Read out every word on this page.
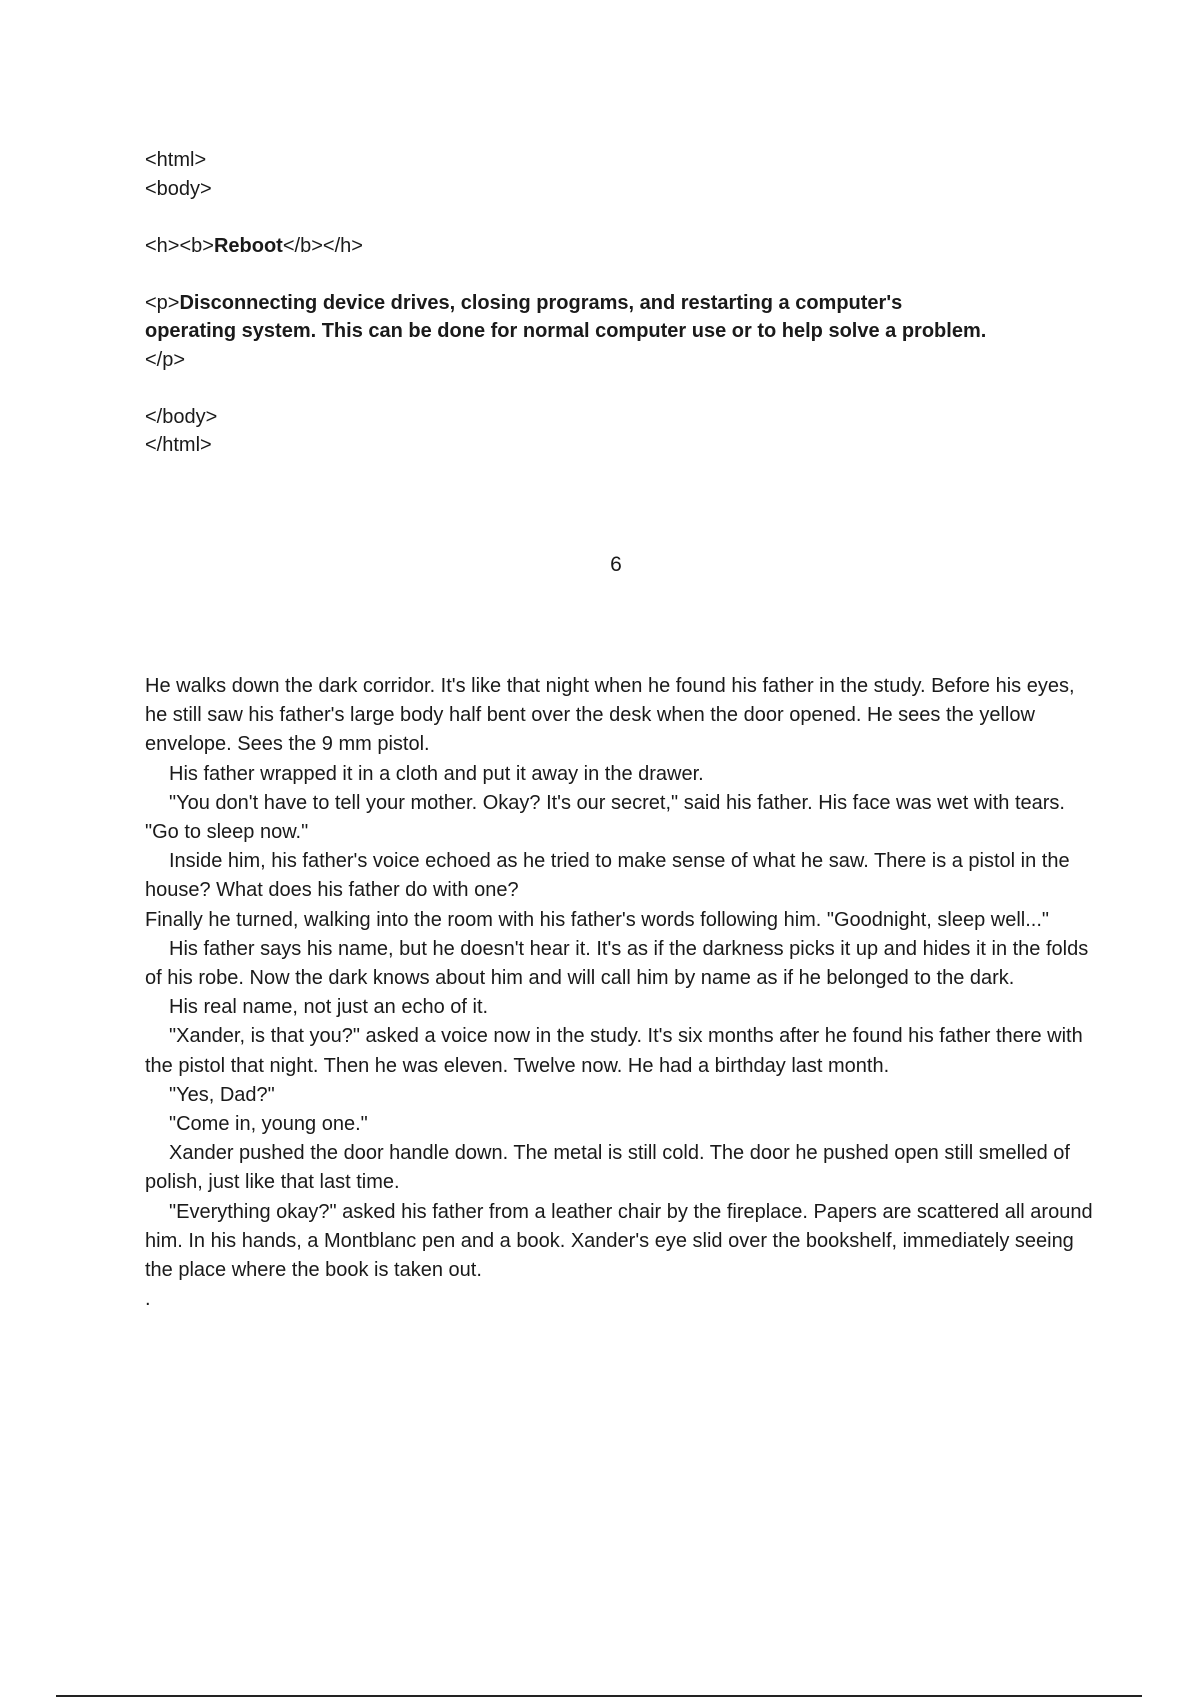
<html>
<body>
<h><b>Reboot</b></h>
<p>Disconnecting device drives, closing programs, and restarting a computer's operating system. This can be done for normal computer use or to help solve a problem.</p>
</body>
</html>
6

He walks down the dark corridor. It's like that night when he found his father in the study. Before his eyes, he still saw his father's large body half bent over the desk when the door opened. He sees the yellow envelope. Sees the 9 mm pistol.

His father wrapped it in a cloth and put it away in the drawer.

"You don't have to tell your mother. Okay? It's our secret," said his father. His face was wet with tears. "Go to sleep now."

Inside him, his father's voice echoed as he tried to make sense of what he saw. There is a pistol in the house? What does his father do with one?

Finally he turned, walking into the room with his father's words following him. "Goodnight, sleep well..."

His father says his name, but he doesn't hear it. It's as if the darkness picks it up and hides it in the folds of his robe. Now the dark knows about him and will call him by name as if he belonged to the dark.

His real name, not just an echo of it.

"Xander, is that you?" asked a voice now in the study. It's six months after he found his father there with the pistol that night. Then he was eleven. Twelve now. He had a birthday last month.

"Yes, Dad?"

"Come in, young one."

Xander pushed the door handle down. The metal is still cold. The door he pushed open still smelled of polish, just like that last time.

"Everything okay?" asked his father from a leather chair by the fireplace. Papers are scattered all around him. In his hands, a Montblanc pen and a book. Xander's eye slid over the bookshelf, immediately seeing the place where the book is taken out.

.
